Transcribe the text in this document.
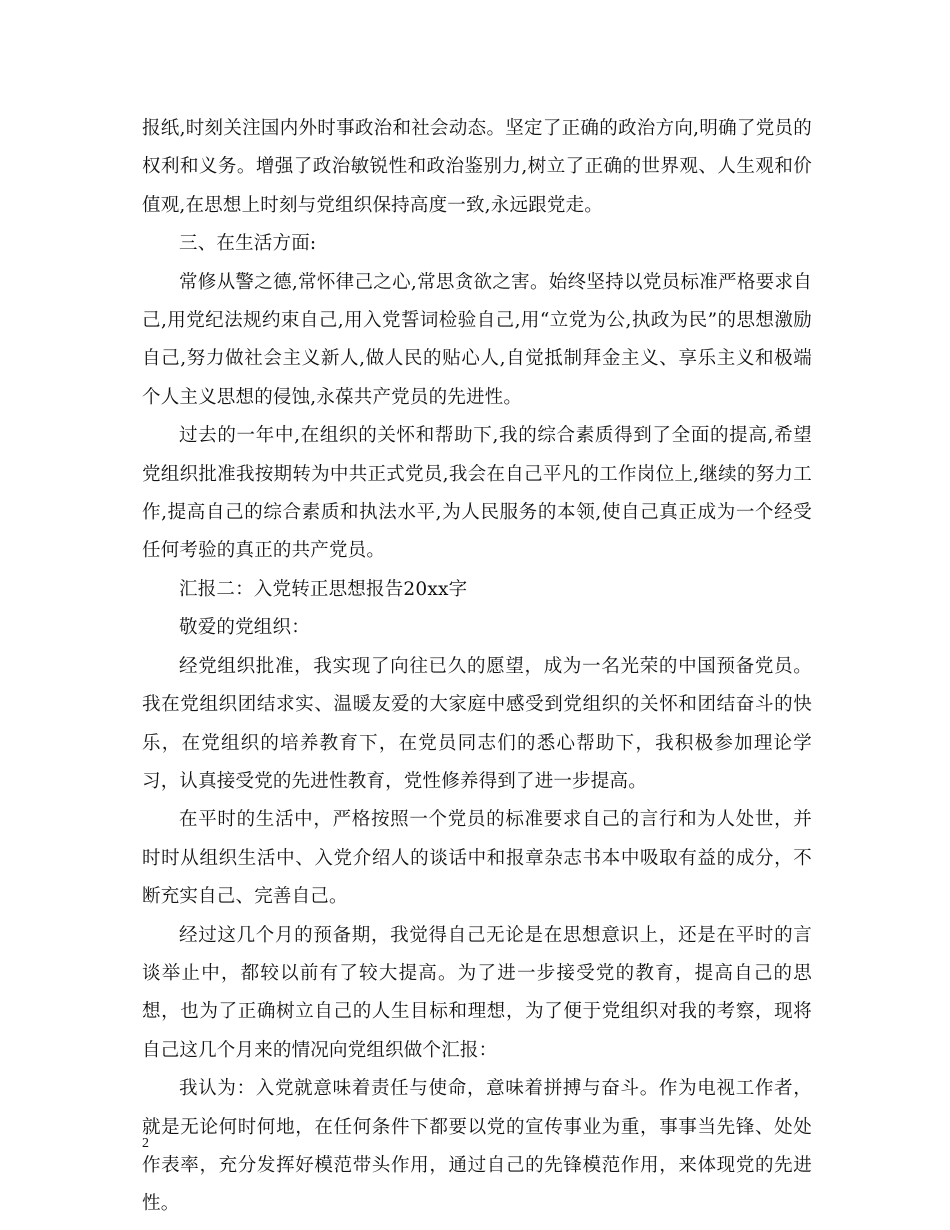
报纸,时刻关注国内外时事政治和社会动态。坚定了正确的政治方向,明确了党员的权利和义务。增强了政治敏锐性和政治鉴别力,树立了正确的世界观、人生观和价值观,在思想上时刻与党组织保持高度一致,永远跟党走。

三、在生活方面:

常修从警之德,常怀律己之心,常思贪欲之害。始终坚持以党员标准严格要求自己,用党纪法规约束自己,用入党誓词检验自己,用“立党为公,执政为民”的思想激励自己,努力做社会主义新人,做人民的贴心人,自觉抵制拜金主义、享乐主义和极端个人主义思想的侵蚀,永葆共产党员的先进性。

过去的一年中,在组织的关怀和帮助下,我的综合素质得到了全面的提高,希望党组织批准我按期转为中共正式党员,我会在自己平凡的工作岗位上,继续的努力工作,提高自己的综合素质和执法水平,为人民服务的本领,使自己真正成为一个经受任何考验的真正的共产党员。

汇报二：入党转正思想报告20xx字

敬爱的党组织：

经党组织批准，我实现了向往已久的愿望，成为一名光荣的中国预备党员。我在党组织团结求实、温暖友爱的大家庭中感受到党组织的关怀和团结奋斗的快乐，在党组织的培养教育下，在党员同志们的悉心帮助下，我积极参加理论学习，认真接受党的先进性教育，党性修养得到了进一步提高。

在平时的生活中，严格按照一个党员的标准要求自己的言行和为人处世，并时时从组织生活中、入党介绍人的谈话中和报章杂志书本中吸取有益的成分，不断充实自己、完善自己。

经过这几个月的预备期，我觉得自己无论是在思想意识上，还是在平时的言谈举止中，都较以前有了较大提高。为了进一步接受党的教育，提高自己的思想，也为了正确树立自己的人生目标和理想，为了便于党组织对我的考察，现将自己这几个月来的情况向党组织做个汇报：

我认为：入党就意味着责任与使命，意味着拼搏与奋斗。作为电视工作者，就是无论何时何地，在任何条件下都要以党的宣传事业为重，事事当先锋、处处作表率，充分发挥好模范带头作用，通过自己的先锋模范作用，来体现党的先进性。

2
